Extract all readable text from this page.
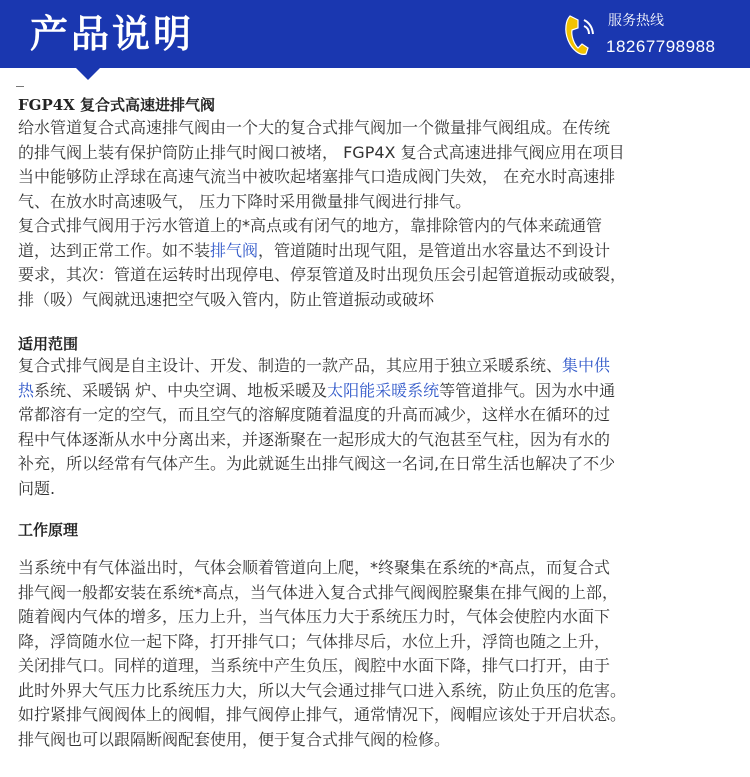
产品说明	服务热线
18267798988
FGP4X 复合式高速进排气阀
给水管道复合式高速排气阀由一个大的复合式排气阀加一个微量排气阀组成。在传统
的排气阀上装有保护筒防止排气时阀口被堵， FGP4X 复合式高速进排气阀应用在项目
当中能够防止浮球在高速气流当中被吹起堵塞排气口造成阀门失效， 在充水时高速排
气、在放水时高速吸气， 压力下降时采用微量排气阀进行排气。
复合式排气阀用于污水管道上的*高点或有闭气的地方，靠排除管内的气体来疏通管
道，达到正常工作。如不装排气阀，管道随时出现气阻，是管道出水容量达不到设计
要求，其次：管道在运转时出现停电、停泵管道及时出现负压会引起管道振动或破裂，
排（吸）气阀就迅速把空气吸入管内，防止管道振动或破坏
适用范围
复合式排气阀是自主设计、开发、制造的一款产品，其应用于独立采暖系统、集中供
热系统、采暖锅 炉、中央空调、地板采暖及太阳能采暖系统等管道排气。因为水中通
常都溶有一定的空气，而且空气的溶解度随着温度的升高而减少，这样水在循环的过
程中气体逐渐从水中分离出来，并逐渐聚在一起形成大的气泡甚至气柱，因为有水的
补充，所以经常有气体产生。为此就诞生出排气阀这一名词,在日常生活也解决了不少
问题.
工作原理
当系统中有气体溢出时，气体会顺着管道向上爬，*终聚集在系统的*高点，而复合式
排气阀一般都安装在系统*高点，当气体进入复合式排气阀阀腔聚集在排气阀的上部，
随着阀内气体的增多，压力上升，当气体压力大于系统压力时，气体会使腔内水面下
降，浮筒随水位一起下降，打开排气口；气体排尽后，水位上升，浮筒也随之上升，
关闭排气口。同样的道理，当系统中产生负压，阀腔中水面下降，排气口打开，由于
此时外界大气压力比系统压力大，所以大气会通过排气口进入系统，防止负压的危害。
如拧紧排气阀阀体上的阀帽，排气阀停止排气，通常情况下，阀帽应该处于开启状态。
排气阀也可以跟隔断阀配套使用，便于复合式排气阀的检修。
